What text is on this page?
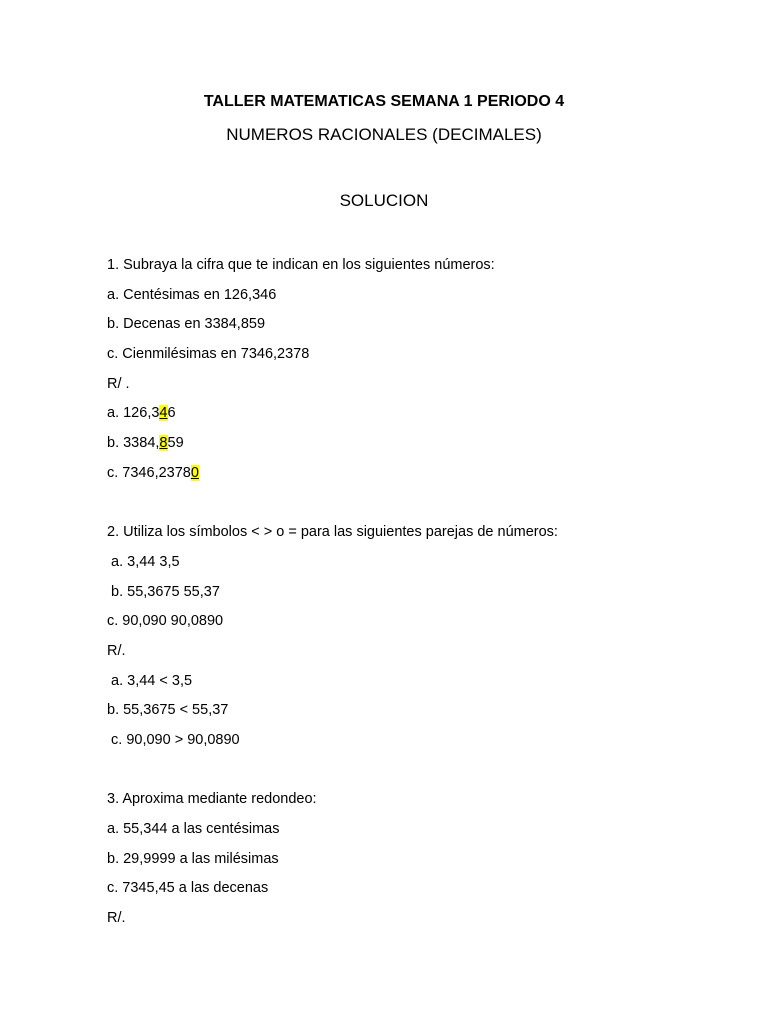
TALLER MATEMATICAS SEMANA 1 PERIODO 4
NUMEROS RACIONALES (DECIMALES)
SOLUCION
1. Subraya la cifra que te indican en los siguientes números:
a. Centésimas en 126,346
b. Decenas en 3384,859
c. Cienmilésimas en 7346,2378
R/ .
a. 126,346
b. 3384,859
c. 7346,23780
2. Utiliza los símbolos < > o = para las siguientes parejas de números:
a. 3,44 3,5
b. 55,3675 55,37
c. 90,090 90,0890
R/.
a. 3,44 < 3,5
b. 55,3675 < 55,37
c. 90,090 > 90,0890
3. Aproxima mediante redondeo:
a. 55,344 a las centésimas
b. 29,9999 a las milésimas
c. 7345,45 a las decenas
R/.
